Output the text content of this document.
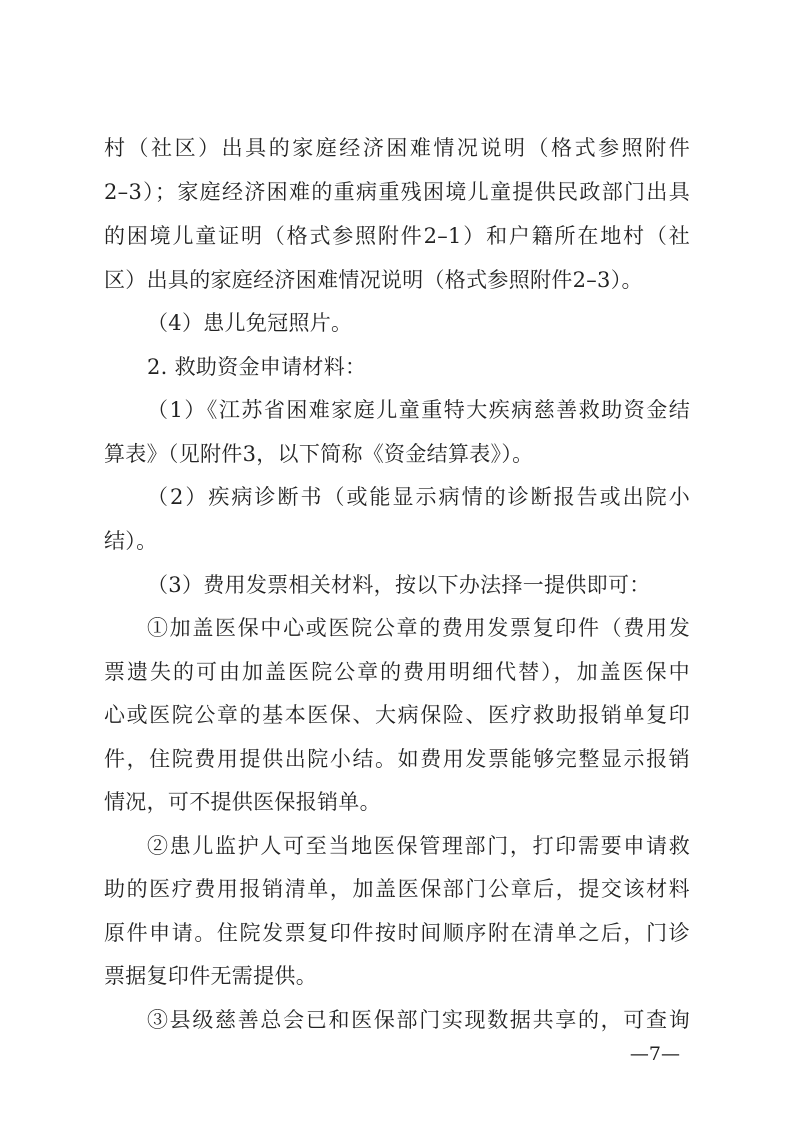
村（社区）出具的家庭经济困难情况说明（格式参照附件
2–3）；家庭经济困难的重病重残困境儿童提供民政部门出具
的困境儿童证明（格式参照附件2–1）和户籍所在地村（社
区）出具的家庭经济困难情况说明（格式参照附件2–3）。
（4）患儿免冠照片。
2. 救助资金申请材料：
（1）《江苏省困难家庭儿童重特大疾病慈善救助资金结
算表》（见附件3，以下简称《资金结算表》）。
（2）疾病诊断书（或能显示病情的诊断报告或出院小
结）。
（3）费用发票相关材料，按以下办法择一提供即可：
①加盖医保中心或医院公章的费用发票复印件（费用发
票遗失的可由加盖医院公章的费用明细代替），加盖医保中
心或医院公章的基本医保、大病保险、医疗救助报销单复印
件，住院费用提供出院小结。如费用发票能够完整显示报销
情况，可不提供医保报销单。
②患儿监护人可至当地医保管理部门，打印需要申请救
助的医疗费用报销清单，加盖医保部门公章后，提交该材料
原件申请。住院发票复印件按时间顺序附在清单之后，门诊
票据复印件无需提供。
③县级慈善总会已和医保部门实现数据共享的，可查询
—7—
